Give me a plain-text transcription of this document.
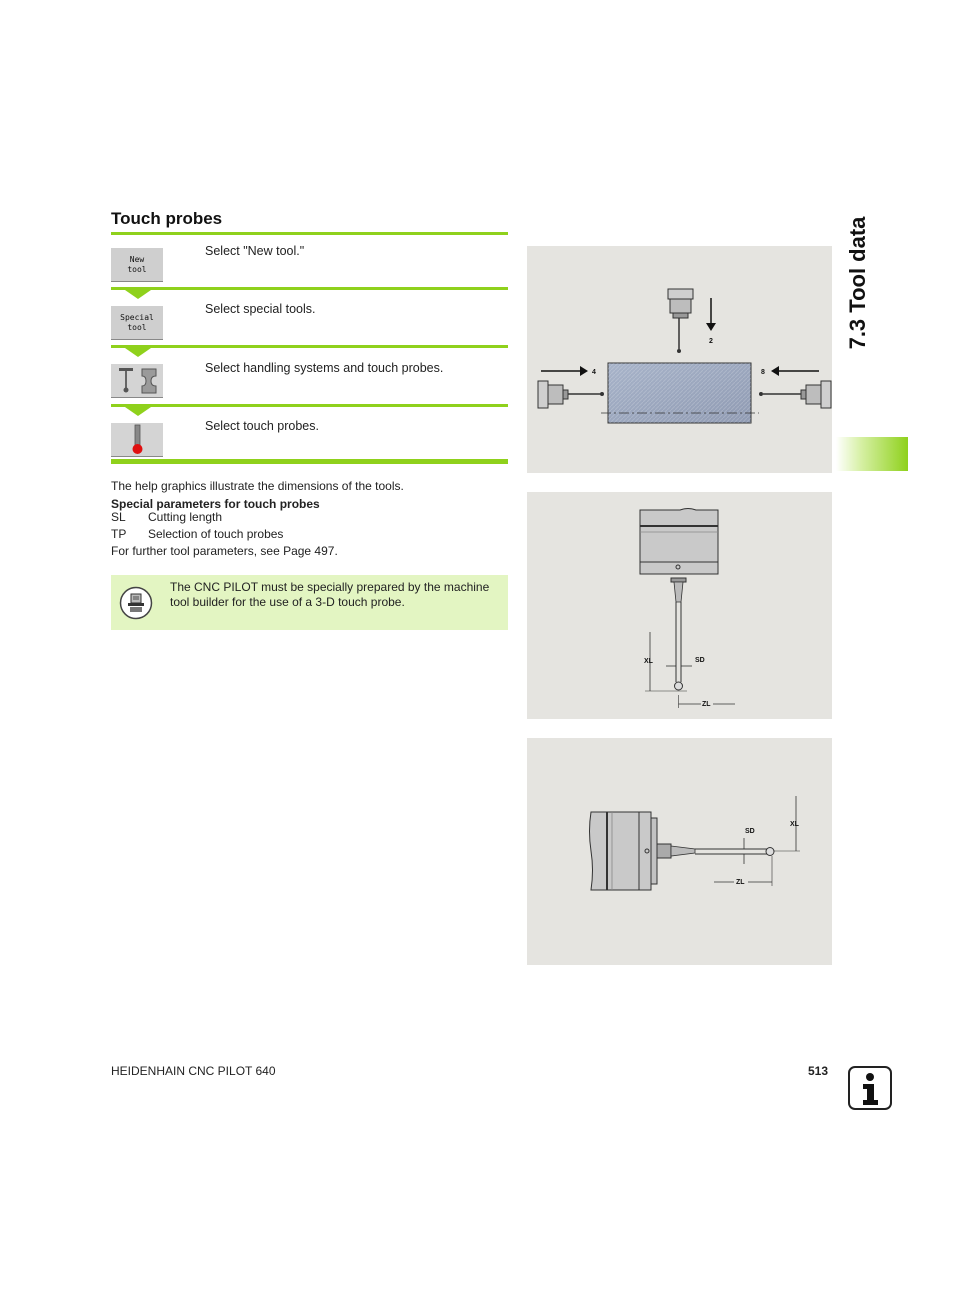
Touch probes	7.3 Tool data
New
tool
Select "New tool."
Special
tool
Select special tools.
Select handling systems and touch probes.
Select touch probes.
The help graphics illustrate the dimensions of the tools.
Special parameters for touch probes
SL Cutting length
TP Selection of touch probes
For further tool parameters, see Page 497.
The CNC PILOT must be specially prepared by the machine tool builder for the use of a 3-D touch probe.
2
4	8
XL	SD
ZL
SD
XL
ZL
HEIDENHAIN CNC PILOT 640	513
